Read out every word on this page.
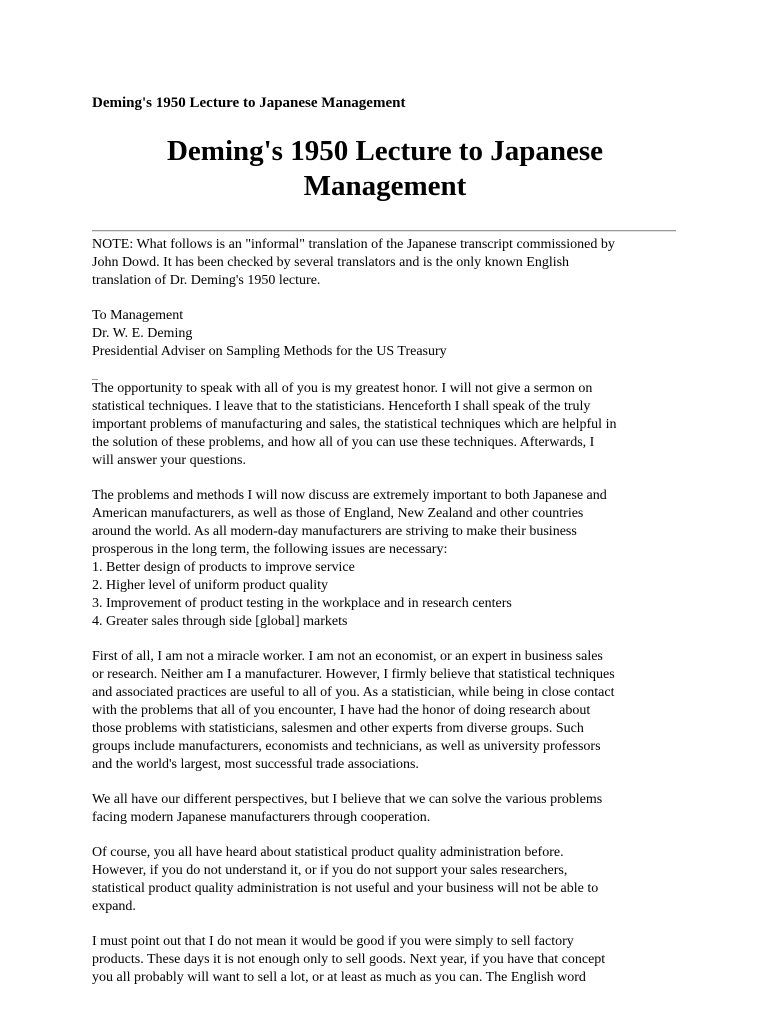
Deming's 1950 Lecture to Japanese Management
Deming's 1950 Lecture to Japanese
Management

NOTE: What follows is an "informal" translation of the Japanese transcript commissioned by
John Dowd. It has been checked by several translators and is the only known English
translation of Dr. Deming's 1950 lecture.

To Management
Dr. W. E. Deming
Presidential Adviser on Sampling Methods for the US Treasury

The opportunity to speak with all of you is my greatest honor. I will not give a sermon on
statistical techniques. I leave that to the statisticians. Henceforth I shall speak of the truly
important problems of manufacturing and sales, the statistical techniques which are helpful in
the solution of these problems, and how all of you can use these techniques. Afterwards, I
will answer your questions.

The problems and methods I will now discuss are extremely important to both Japanese and
American manufacturers, as well as those of England, New Zealand and other countries
around the world. As all modern-day manufacturers are striving to make their business
prosperous in the long term, the following issues are necessary:
1. Better design of products to improve service
2. Higher level of uniform product quality
3. Improvement of product testing in the workplace and in research centers
4. Greater sales through side [global] markets

First of all, I am not a miracle worker. I am not an economist, or an expert in business sales
or research. Neither am I a manufacturer. However, I firmly believe that statistical techniques
and associated practices are useful to all of you. As a statistician, while being in close contact
with the problems that all of you encounter, I have had the honor of doing research about
those problems with statisticians, salesmen and other experts from diverse groups. Such
groups include manufacturers, economists and technicians, as well as university professors
and the world's largest, most successful trade associations.

We all have our different perspectives, but I believe that we can solve the various problems
facing modern Japanese manufacturers through cooperation.

Of course, you all have heard about statistical product quality administration before.
However, if you do not understand it, or if you do not support your sales researchers,
statistical product quality administration is not useful and your business will not be able to
expand.

I must point out that I do not mean it would be good if you were simply to sell factory
products. These days it is not enough only to sell goods. Next year, if you have that concept
you all probably will want to sell a lot, or at least as much as you can. The English word
